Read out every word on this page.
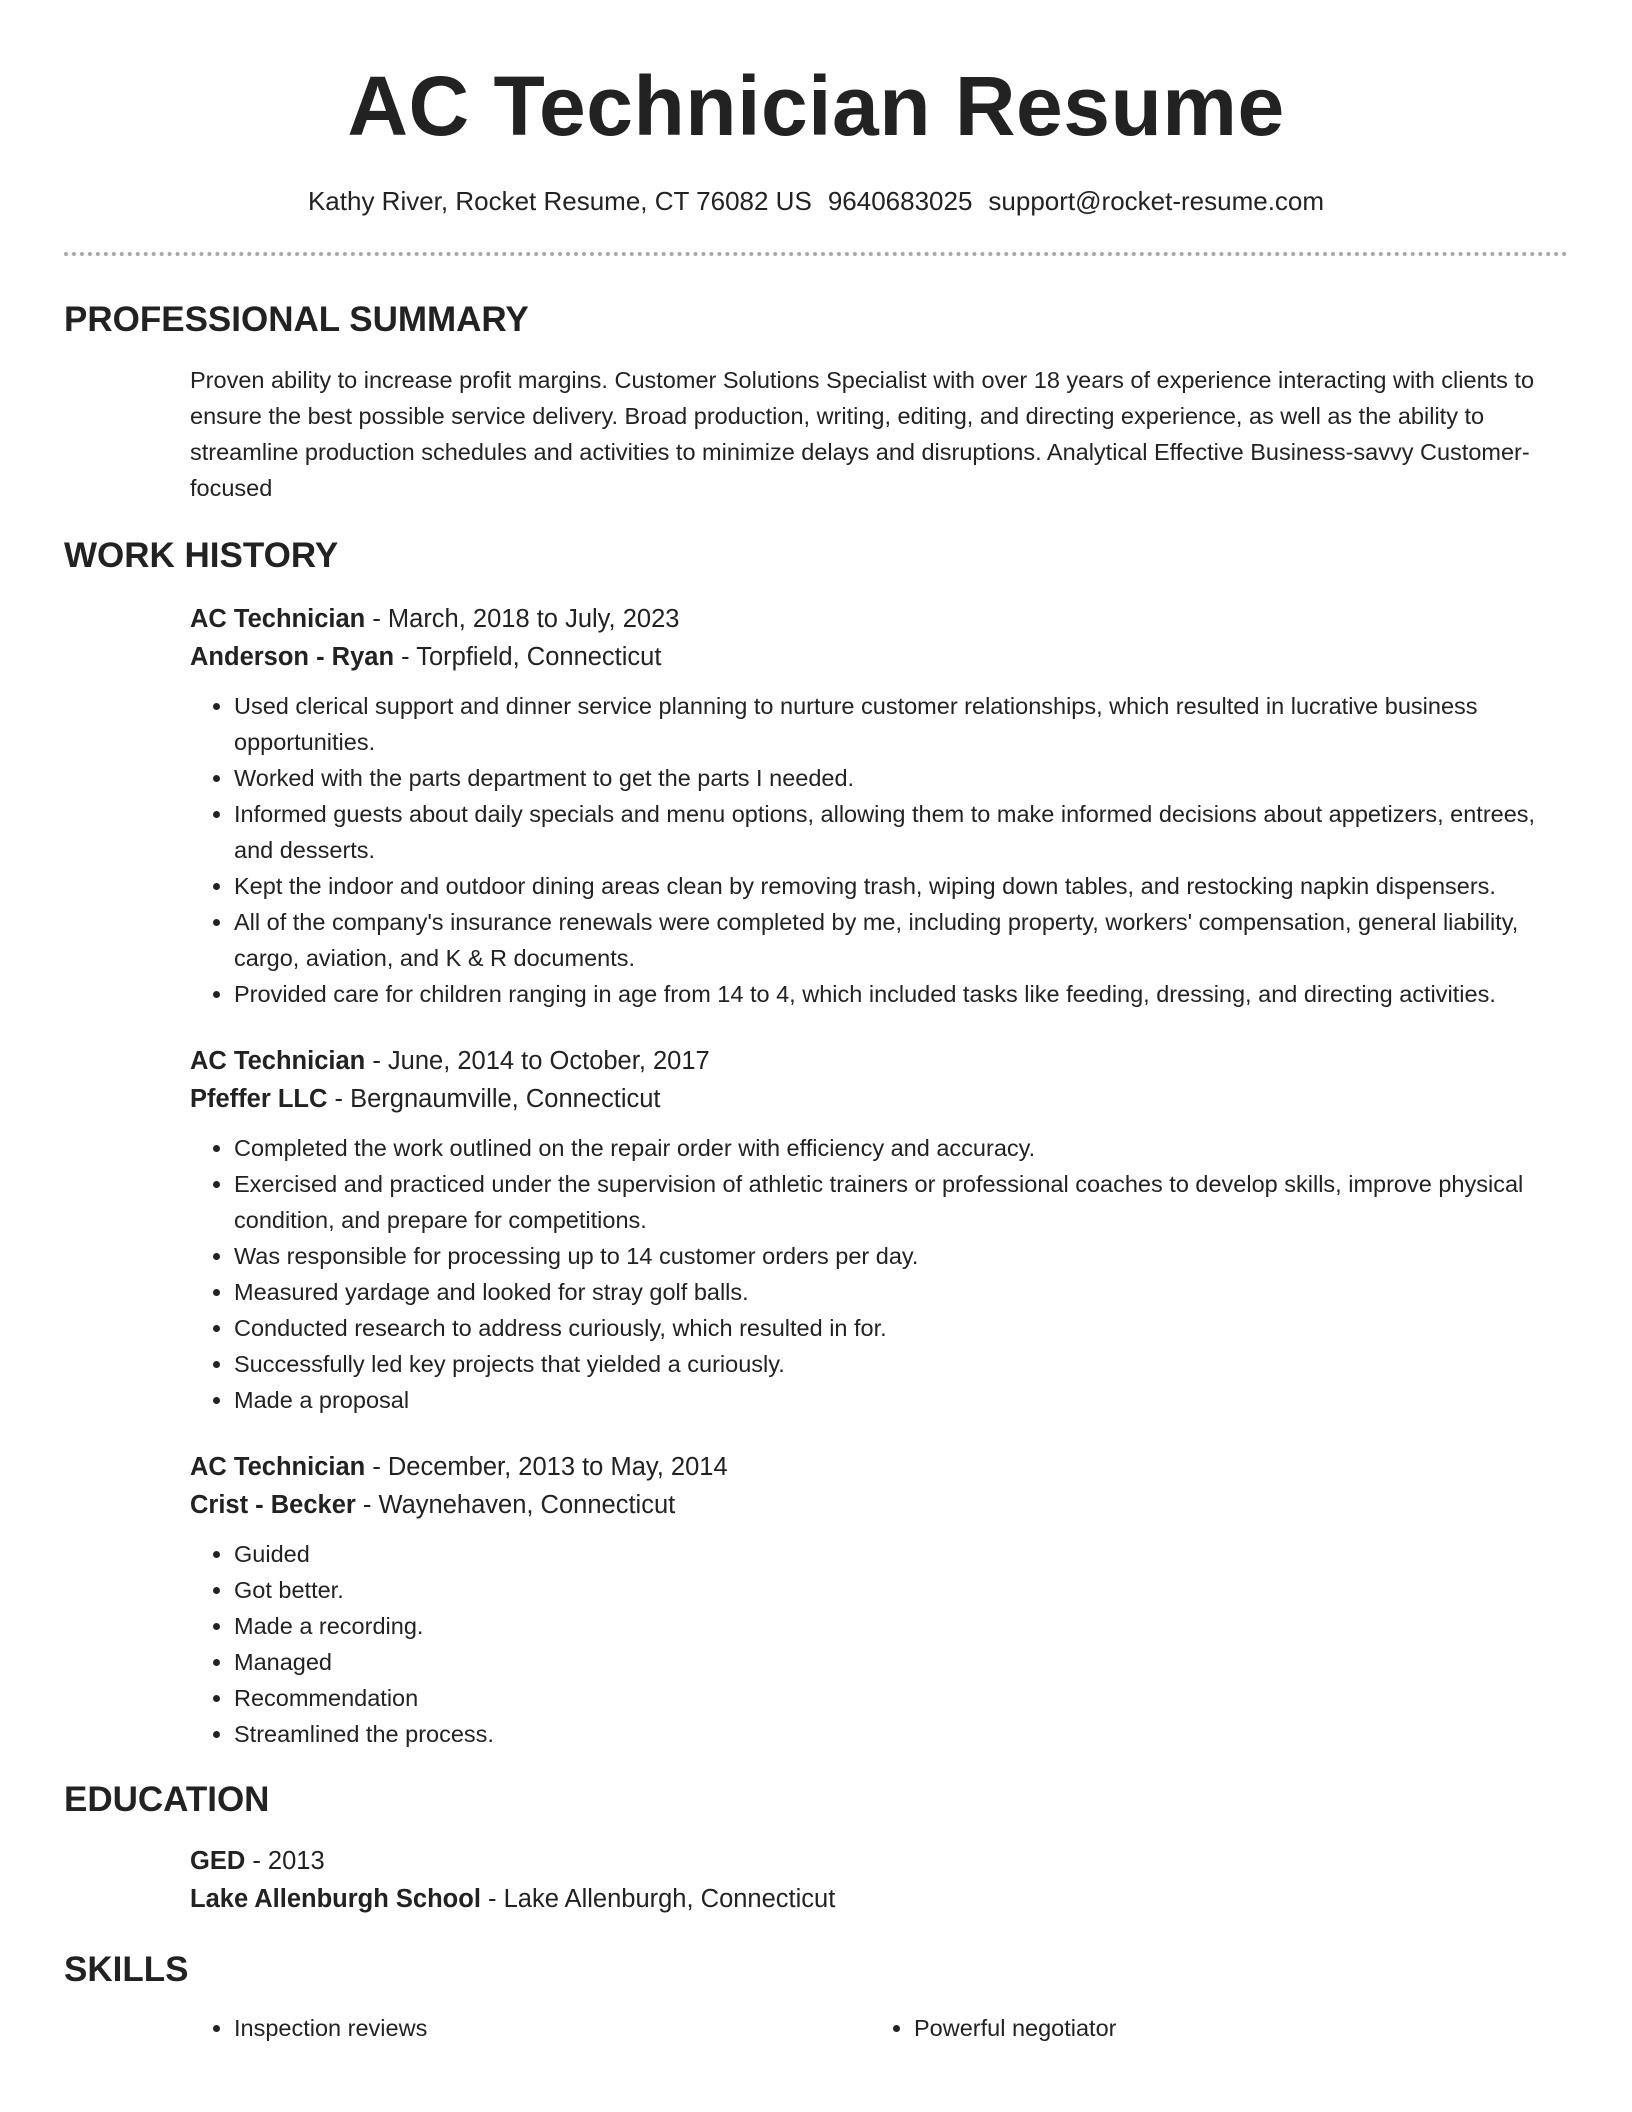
AC Technician Resume
Kathy River, Rocket Resume, CT 76082 US 9640683025 support@rocket-resume.com
PROFESSIONAL SUMMARY

Proven ability to increase profit margins. Customer Solutions Specialist with over 18 years of experience interacting with clients to ensure the best possible service delivery. Broad production, writing, editing, and directing experience, as well as the ability to streamline production schedules and activities to minimize delays and disruptions. Analytical Effective Business-savvy Customer-focused

WORK HISTORY
AC Technician - March, 2018 to July, 2023
Anderson - Ryan - Torpfield, Connecticut
• Used clerical support and dinner service planning to nurture customer relationships, which resulted in lucrative business opportunities.
• Worked with the parts department to get the parts I needed.
• Informed guests about daily specials and menu options, allowing them to make informed decisions about appetizers, entrees, and desserts.
• Kept the indoor and outdoor dining areas clean by removing trash, wiping down tables, and restocking napkin dispensers.
• All of the company's insurance renewals were completed by me, including property, workers' compensation, general liability, cargo, aviation, and K & R documents.
• Provided care for children ranging in age from 14 to 4, which included tasks like feeding, dressing, and directing activities.
AC Technician - June, 2014 to October, 2017
Pfeffer LLC - Bergnaumville, Connecticut
• Completed the work outlined on the repair order with efficiency and accuracy.
• Exercised and practiced under the supervision of athletic trainers or professional coaches to develop skills, improve physical condition, and prepare for competitions.
• Was responsible for processing up to 14 customer orders per day.
• Measured yardage and looked for stray golf balls.
• Conducted research to address curiously, which resulted in for.
• Successfully led key projects that yielded a curiously.
• Made a proposal
AC Technician - December, 2013 to May, 2014
Crist - Becker - Waynehaven, Connecticut
• Guided
• Got better.
• Made a recording.
• Managed
• Recommendation
• Streamlined the process.
EDUCATION
GED - 2013
Lake Allenburgh School - Lake Allenburgh, Connecticut
SKILLS
• Inspection reviews
•	Powerful negotiator
